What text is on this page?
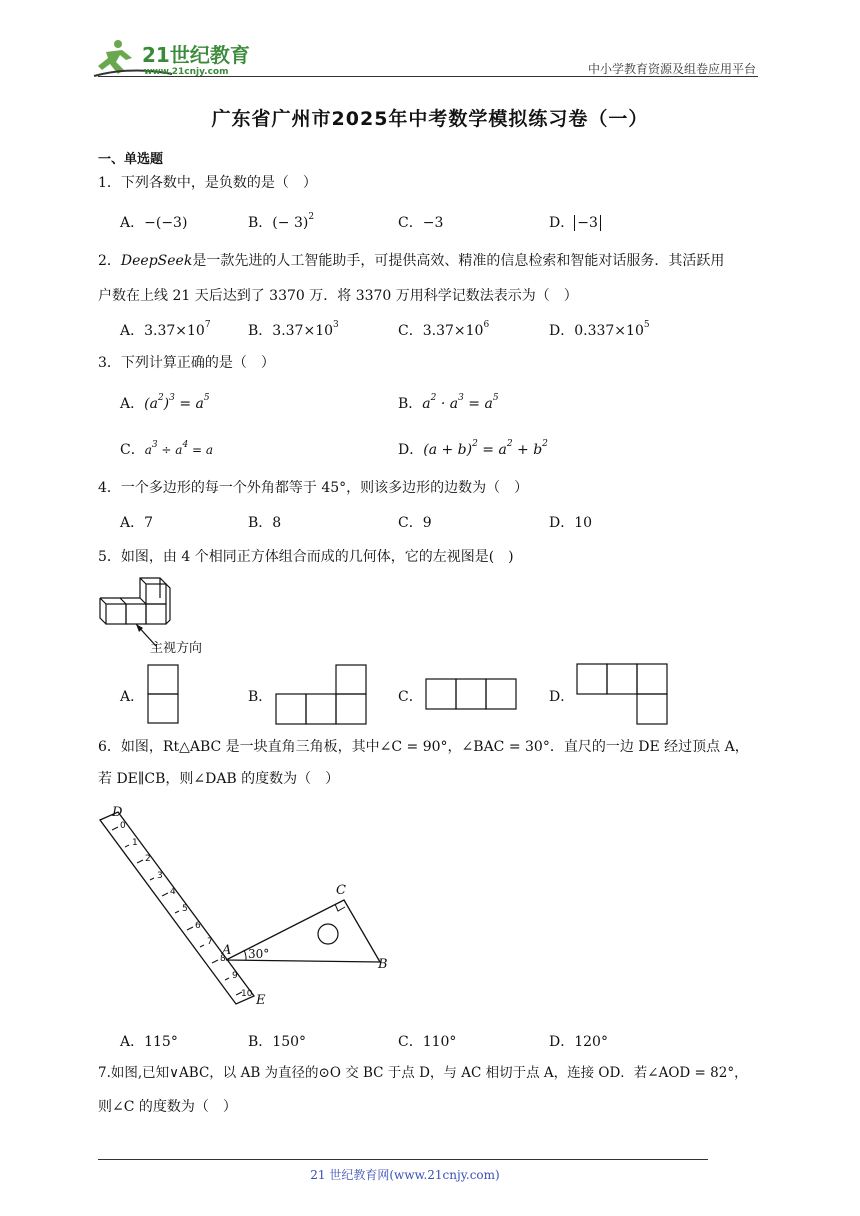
21世纪教育
www.21cnjy.com	中小学教育资源及组卷应用平台
广东省广州市2025年中考数学模拟练习卷（一）
一、单选题
1．下列各数中，是负数的是（　）
A．−(−3)	B．(− 3)$^2$	C．−3	D． −3
2．DeepSeek是一款先进的人工智能助手，可提供高效、精准的信息检索和智能对话服务．其活跃用
户数在上线 21 天后达到了 3370 万．将 3370 万用科学记数法表示为（　）
A．$3.37\times 10^7$	B．$3.37\times 10^3$	C．$3.37\times 10^6$	D．$0.337\times 10^5$
3．下列计算正确的是（　）
A．$(a^2)^3 = a^5$	B．$a^2 \cdot a^3 = a^5$
C．$a^3 \div a^4 = a$	D．$(a + b)^2 = a^2 + b^2$
4．一个多边形的每一个外角都等于 45°，则该多边形的边数为（　）
A．7	B．8	C．9	D．10
5．如图，由 4 个相同正方体组合而成的几何体，它的左视图是(　)
主视方向
A．	B．	C．	D．
6．如图，Rt△ABC 是一块直角三角板，其中∠C = 90°，∠BAC = 30°．直尺的一边 DE 经过顶点 A，
若 DE∥CB，则∠DAB 的度数为（　）
0
1
2
3
4
5
6
7
8
9
10
D
E
A
B
C
30°
A．115°	B．150°	C．110°	D．120°
7.如图,已知∨ABC，以 AB 为直径的⊙O 交 BC 于点 D，与 AC 相切于点 A，连接 OD．若∠AOD = 82°，
则∠C 的度数为（　）
21 世纪教育网(www.21cnjy.com)
